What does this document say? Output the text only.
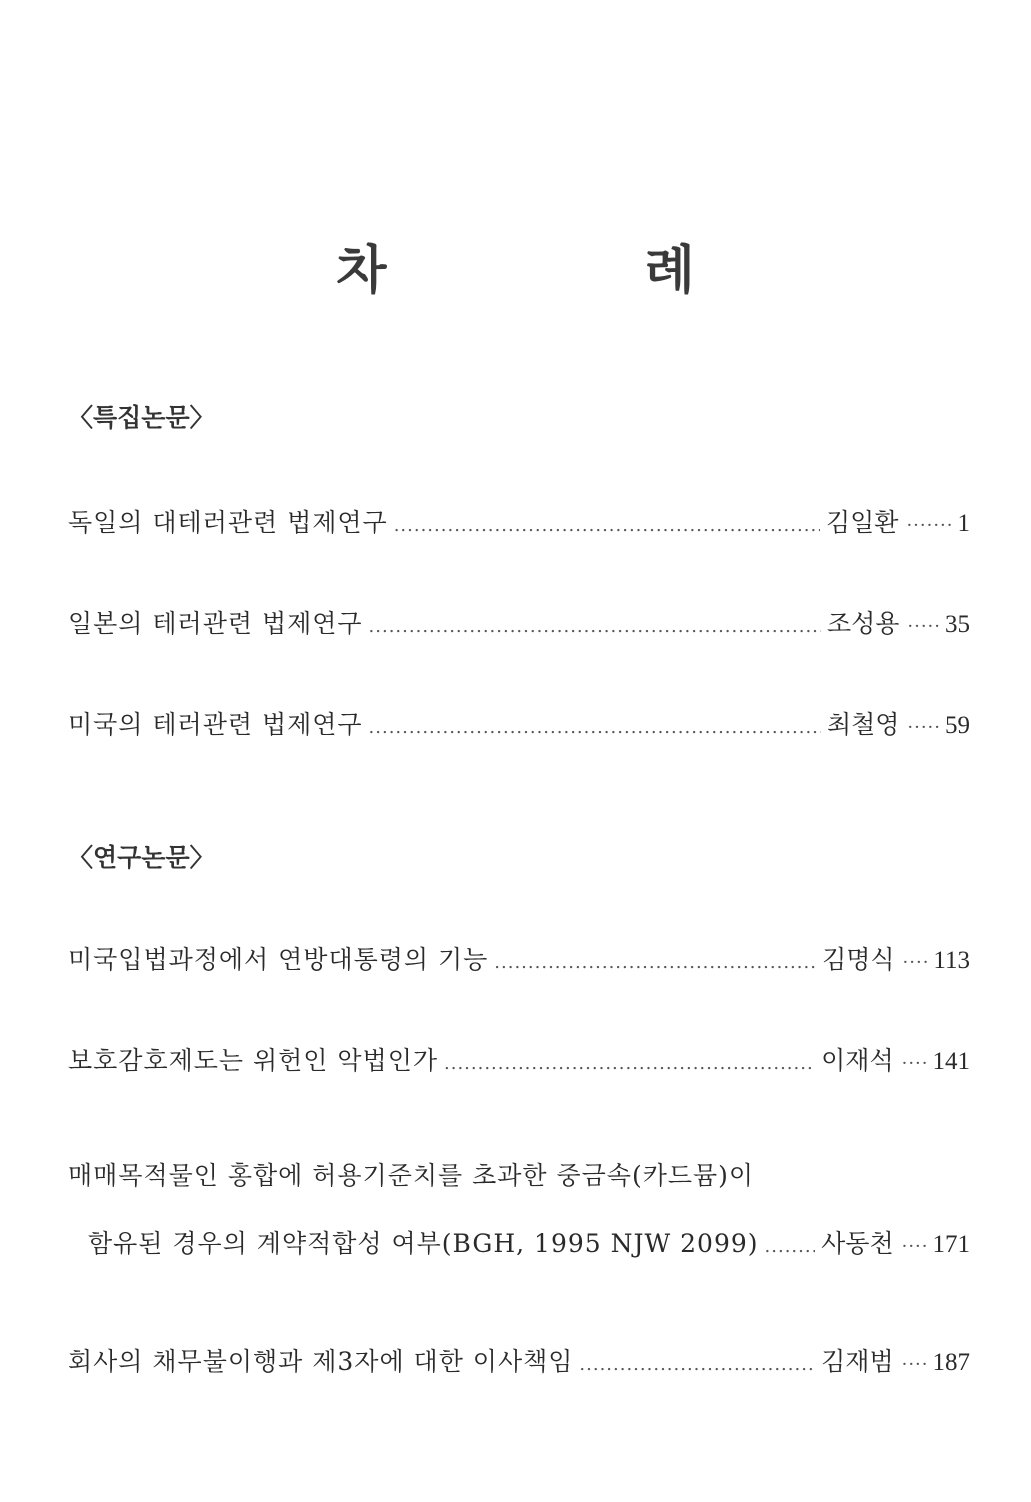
차 례
〈특집논문〉
독일의 대테러관련 법제연구 .....	김일환 ······· 1
일본의 테러관련 법제연구 .....	조성용 ····· 35
미국의 테러관련 법제연구 .....	최철영 ····· 59
〈연구논문〉
미국입법과정에서 연방대통령의 기능 .....	김명식 ···· 113
보호감호제도는 위헌인 악법인가 .....	이재석 ···· 141
매매목적물인 홍합에 허용기준치를 초과한 중금속(카드뮴)이
함유된 경우의 계약적합성 여부(BGH, 1995 NJW 2099) .....	사동천 ···· 171
회사의 채무불이행과 제3자에 대한 이사책임 .....	김재범 ···· 187
